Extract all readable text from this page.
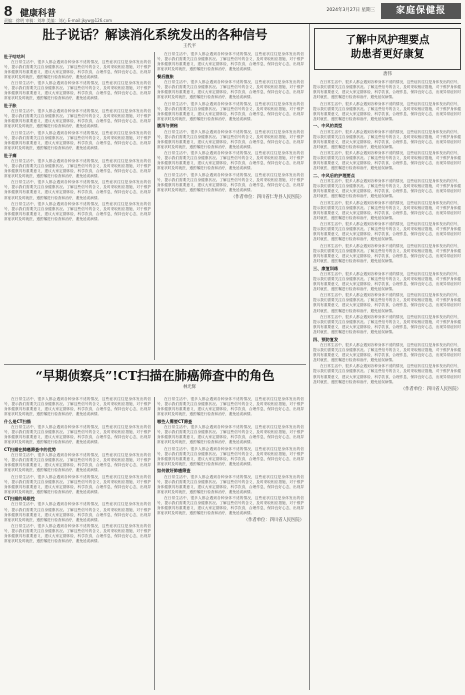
8 健康科普
责编：徐明 审稿：刘坤 美编：刘心 E-mail:jkyw@126.com
2024年3月27日 星期三	家庭保健报
肚子说话？解读消化系统发出的各种信号
王代平
肚子咕咕叫

在日常生活中，很多人都会遇到各种身体不适的情况，这些症状往往是身体发出的信号，提示我们需要关注自身健康状况。了解这些信号的含义，及时采取相应措施，对于维护身体健康具有重要意义，建议大家定期体检，科学饮食，合理作息，保持良好心态，出现异常症状时及时就医，遵医嘱进行检查和治疗，避免延误病情。

在日常生活中，很多人都会遇到各种身体不适的情况，这些症状往往是身体发出的信号，提示我们需要关注自身健康状况。了解这些信号的含义，及时采取相应措施，对于维护身体健康具有重要意义，建议大家定期体检，科学饮食，合理作息，保持良好心态，出现异常症状时及时就医，遵医嘱进行检查和治疗，避免延误病情。

肚子胀

在日常生活中，很多人都会遇到各种身体不适的情况，这些症状往往是身体发出的信号，提示我们需要关注自身健康状况。了解这些信号的含义，及时采取相应措施，对于维护身体健康具有重要意义，建议大家定期体检，科学饮食，合理作息，保持良好心态，出现异常症状时及时就医，遵医嘱进行检查和治疗，避免延误病情。

在日常生活中，很多人都会遇到各种身体不适的情况，这些症状往往是身体发出的信号，提示我们需要关注自身健康状况。了解这些信号的含义，及时采取相应措施，对于维护身体健康具有重要意义，建议大家定期体检，科学饮食，合理作息，保持良好心态，出现异常症状时及时就医，遵医嘱进行检查和治疗，避免延误病情。

肚子痛

在日常生活中，很多人都会遇到各种身体不适的情况，这些症状往往是身体发出的信号，提示我们需要关注自身健康状况。了解这些信号的含义，及时采取相应措施，对于维护身体健康具有重要意义，建议大家定期体检，科学饮食，合理作息，保持良好心态，出现异常症状时及时就医，遵医嘱进行检查和治疗，避免延误病情。

在日常生活中，很多人都会遇到各种身体不适的情况，这些症状往往是身体发出的信号，提示我们需要关注自身健康状况。了解这些信号的含义，及时采取相应措施，对于维护身体健康具有重要意义，建议大家定期体检，科学饮食，合理作息，保持良好心态，出现异常症状时及时就医，遵医嘱进行检查和治疗，避免延误病情。

在日常生活中，很多人都会遇到各种身体不适的情况，这些症状往往是身体发出的信号，提示我们需要关注自身健康状况。了解这些信号的含义，及时采取相应措施，对于维护身体健康具有重要意义，建议大家定期体检，科学饮食，合理作息，保持良好心态，出现异常症状时及时就医，遵医嘱进行检查和治疗，避免延误病情。

在日常生活中，很多人都会遇到各种身体不适的情况，这些症状往往是身体发出的信号，提示我们需要关注自身健康状况。了解这些信号的含义，及时采取相应措施，对于维护身体健康具有重要意义，建议大家定期体检，科学饮食，合理作息，保持良好心态，出现异常症状时及时就医，遵医嘱进行检查和治疗，避免延误病情。

餐后腹胀

在日常生活中，很多人都会遇到各种身体不适的情况，这些症状往往是身体发出的信号，提示我们需要关注自身健康状况。了解这些信号的含义，及时采取相应措施，对于维护身体健康具有重要意义，建议大家定期体检，科学饮食，合理作息，保持良好心态，出现异常症状时及时就医，遵医嘱进行检查和治疗，避免延误病情。

在日常生活中，很多人都会遇到各种身体不适的情况，这些症状往往是身体发出的信号，提示我们需要关注自身健康状况。了解这些信号的含义，及时采取相应措施，对于维护身体健康具有重要意义，建议大家定期体检，科学饮食，合理作息，保持良好心态，出现异常症状时及时就医，遵医嘱进行检查和治疗，避免延误病情。

腹泻与便秘

在日常生活中，很多人都会遇到各种身体不适的情况，这些症状往往是身体发出的信号，提示我们需要关注自身健康状况。了解这些信号的含义，及时采取相应措施，对于维护身体健康具有重要意义，建议大家定期体检，科学饮食，合理作息，保持良好心态，出现异常症状时及时就医，遵医嘱进行检查和治疗，避免延误病情。

在日常生活中，很多人都会遇到各种身体不适的情况，这些症状往往是身体发出的信号，提示我们需要关注自身健康状况。了解这些信号的含义，及时采取相应措施，对于维护身体健康具有重要意义，建议大家定期体检，科学饮食，合理作息，保持良好心态，出现异常症状时及时就医，遵医嘱进行检查和治疗，避免延误病情。

在日常生活中，很多人都会遇到各种身体不适的情况，这些症状往往是身体发出的信号，提示我们需要关注自身健康状况。了解这些信号的含义，及时采取相应措施，对于维护身体健康具有重要意义，建议大家定期体检，科学饮食，合理作息，保持良好心态，出现异常症状时及时就医，遵医嘱进行检查和治疗，避免延误病情。

（作者单位：四川省仁寿县人民医院）
“早期侦察兵”!CT扫描在肺癌筛查中的角色
林光辉

在日常生活中，很多人都会遇到各种身体不适的情况，这些症状往往是身体发出的信号，提示我们需要关注自身健康状况。了解这些信号的含义，及时采取相应措施，对于维护身体健康具有重要意义，建议大家定期体检，科学饮食，合理作息，保持良好心态，出现异常症状时及时就医，遵医嘱进行检查和治疗，避免延误病情。

什么是CT扫描

在日常生活中，很多人都会遇到各种身体不适的情况，这些症状往往是身体发出的信号，提示我们需要关注自身健康状况。了解这些信号的含义，及时采取相应措施，对于维护身体健康具有重要意义，建议大家定期体检，科学饮食，合理作息，保持良好心态，出现异常症状时及时就医，遵医嘱进行检查和治疗，避免延误病情。

CT扫描在肺癌筛查中的优势

在日常生活中，很多人都会遇到各种身体不适的情况，这些症状往往是身体发出的信号，提示我们需要关注自身健康状况。了解这些信号的含义，及时采取相应措施，对于维护身体健康具有重要意义，建议大家定期体检，科学饮食，合理作息，保持良好心态，出现异常症状时及时就医，遵医嘱进行检查和治疗，避免延误病情。

在日常生活中，很多人都会遇到各种身体不适的情况，这些症状往往是身体发出的信号，提示我们需要关注自身健康状况。了解这些信号的含义，及时采取相应措施，对于维护身体健康具有重要意义，建议大家定期体检，科学饮食，合理作息，保持良好心态，出现异常症状时及时就医，遵医嘱进行检查和治疗，避免延误病情。

CT扫描的局限性

在日常生活中，很多人都会遇到各种身体不适的情况，这些症状往往是身体发出的信号，提示我们需要关注自身健康状况。了解这些信号的含义，及时采取相应措施，对于维护身体健康具有重要意义，建议大家定期体检，科学饮食，合理作息，保持良好心态，出现异常症状时及时就医，遵医嘱进行检查和治疗，避免延误病情。

在日常生活中，很多人都会遇到各种身体不适的情况，这些症状往往是身体发出的信号，提示我们需要关注自身健康状况。了解这些信号的含义，及时采取相应措施，对于维护身体健康具有重要意义，建议大家定期体检，科学饮食，合理作息，保持良好心态，出现异常症状时及时就医，遵医嘱进行检查和治疗，避免延误病情。

在日常生活中，很多人都会遇到各种身体不适的情况，这些症状往往是身体发出的信号，提示我们需要关注自身健康状况。了解这些信号的含义，及时采取相应措施，对于维护身体健康具有重要意义，建议大家定期体检，科学饮食，合理作息，保持良好心态，出现异常症状时及时就医，遵医嘱进行检查和治疗，避免延误病情。

哪些人需要CT筛查

在日常生活中，很多人都会遇到各种身体不适的情况，这些症状往往是身体发出的信号，提示我们需要关注自身健康状况。了解这些信号的含义，及时采取相应措施，对于维护身体健康具有重要意义，建议大家定期体检，科学饮食，合理作息，保持良好心态，出现异常症状时及时就医，遵医嘱进行检查和治疗，避免延误病情。

在日常生活中，很多人都会遇到各种身体不适的情况，这些症状往往是身体发出的信号，提示我们需要关注自身健康状况。了解这些信号的含义，及时采取相应措施，对于维护身体健康具有重要意义，建议大家定期体检，科学饮食，合理作息，保持良好心态，出现异常症状时及时就医，遵医嘱进行检查和治疗，避免延误病情。

如何做好肺癌筛查

在日常生活中，很多人都会遇到各种身体不适的情况，这些症状往往是身体发出的信号，提示我们需要关注自身健康状况。了解这些信号的含义，及时采取相应措施，对于维护身体健康具有重要意义，建议大家定期体检，科学饮食，合理作息，保持良好心态，出现异常症状时及时就医，遵医嘱进行检查和治疗，避免延误病情。

在日常生活中，很多人都会遇到各种身体不适的情况，这些症状往往是身体发出的信号，提示我们需要关注自身健康状况。了解这些信号的含义，及时采取相应措施，对于维护身体健康具有重要意义，建议大家定期体检，科学饮食，合理作息，保持良好心态，出现异常症状时及时就医，遵医嘱进行检查和治疗，避免延误病情。

（作者单位：四川省人民医院）
了解中风护理要点
助患者更好康复
唐伟

在日常生活中，很多人都会遇到各种身体不适的情况，这些症状往往是身体发出的信号，提示我们需要关注自身健康状况。了解这些信号的含义，及时采取相应措施，对于维护身体健康具有重要意义，建议大家定期体检，科学饮食，合理作息，保持良好心态，出现异常症状时及时就医，遵医嘱进行检查和治疗，避免延误病情。

在日常生活中，很多人都会遇到各种身体不适的情况，这些症状往往是身体发出的信号，提示我们需要关注自身健康状况。了解这些信号的含义，及时采取相应措施，对于维护身体健康具有重要意义，建议大家定期体检，科学饮食，合理作息，保持良好心态，出现异常症状时及时就医，遵医嘱进行检查和治疗，避免延误病情。

一、中风的类型

在日常生活中，很多人都会遇到各种身体不适的情况，这些症状往往是身体发出的信号，提示我们需要关注自身健康状况。了解这些信号的含义，及时采取相应措施，对于维护身体健康具有重要意义，建议大家定期体检，科学饮食，合理作息，保持良好心态，出现异常症状时及时就医，遵医嘱进行检查和治疗，避免延误病情。

在日常生活中，很多人都会遇到各种身体不适的情况，这些症状往往是身体发出的信号，提示我们需要关注自身健康状况。了解这些信号的含义，及时采取相应措施，对于维护身体健康具有重要意义，建议大家定期体检，科学饮食，合理作息，保持良好心态，出现异常症状时及时就医，遵医嘱进行检查和治疗，避免延误病情。

二、中风后的护理要点

在日常生活中，很多人都会遇到各种身体不适的情况，这些症状往往是身体发出的信号，提示我们需要关注自身健康状况。了解这些信号的含义，及时采取相应措施，对于维护身体健康具有重要意义，建议大家定期体检，科学饮食，合理作息，保持良好心态，出现异常症状时及时就医，遵医嘱进行检查和治疗，避免延误病情。

在日常生活中，很多人都会遇到各种身体不适的情况，这些症状往往是身体发出的信号，提示我们需要关注自身健康状况。了解这些信号的含义，及时采取相应措施，对于维护身体健康具有重要意义，建议大家定期体检，科学饮食，合理作息，保持良好心态，出现异常症状时及时就医，遵医嘱进行检查和治疗，避免延误病情。

在日常生活中，很多人都会遇到各种身体不适的情况，这些症状往往是身体发出的信号，提示我们需要关注自身健康状况。了解这些信号的含义，及时采取相应措施，对于维护身体健康具有重要意义，建议大家定期体检，科学饮食，合理作息，保持良好心态，出现异常症状时及时就医，遵医嘱进行检查和治疗，避免延误病情。

在日常生活中，很多人都会遇到各种身体不适的情况，这些症状往往是身体发出的信号，提示我们需要关注自身健康状况。了解这些信号的含义，及时采取相应措施，对于维护身体健康具有重要意义，建议大家定期体检，科学饮食，合理作息，保持良好心态，出现异常症状时及时就医，遵医嘱进行检查和治疗，避免延误病情。

三、康复训练

在日常生活中，很多人都会遇到各种身体不适的情况，这些症状往往是身体发出的信号，提示我们需要关注自身健康状况。了解这些信号的含义，及时采取相应措施，对于维护身体健康具有重要意义，建议大家定期体检，科学饮食，合理作息，保持良好心态，出现异常症状时及时就医，遵医嘱进行检查和治疗，避免延误病情。

在日常生活中，很多人都会遇到各种身体不适的情况，这些症状往往是身体发出的信号，提示我们需要关注自身健康状况。了解这些信号的含义，及时采取相应措施，对于维护身体健康具有重要意义，建议大家定期体检，科学饮食，合理作息，保持良好心态，出现异常症状时及时就医，遵医嘱进行检查和治疗，避免延误病情。

在日常生活中，很多人都会遇到各种身体不适的情况，这些症状往往是身体发出的信号，提示我们需要关注自身健康状况。了解这些信号的含义，及时采取相应措施，对于维护身体健康具有重要意义，建议大家定期体检，科学饮食，合理作息，保持良好心态，出现异常症状时及时就医，遵医嘱进行检查和治疗，避免延误病情。

四、预防复发

在日常生活中，很多人都会遇到各种身体不适的情况，这些症状往往是身体发出的信号，提示我们需要关注自身健康状况。了解这些信号的含义，及时采取相应措施，对于维护身体健康具有重要意义，建议大家定期体检，科学饮食，合理作息，保持良好心态，出现异常症状时及时就医，遵医嘱进行检查和治疗，避免延误病情。

在日常生活中，很多人都会遇到各种身体不适的情况，这些症状往往是身体发出的信号，提示我们需要关注自身健康状况。了解这些信号的含义，及时采取相应措施，对于维护身体健康具有重要意义，建议大家定期体检，科学饮食，合理作息，保持良好心态，出现异常症状时及时就医，遵医嘱进行检查和治疗，避免延误病情。

（作者单位：四川省人民医院）
